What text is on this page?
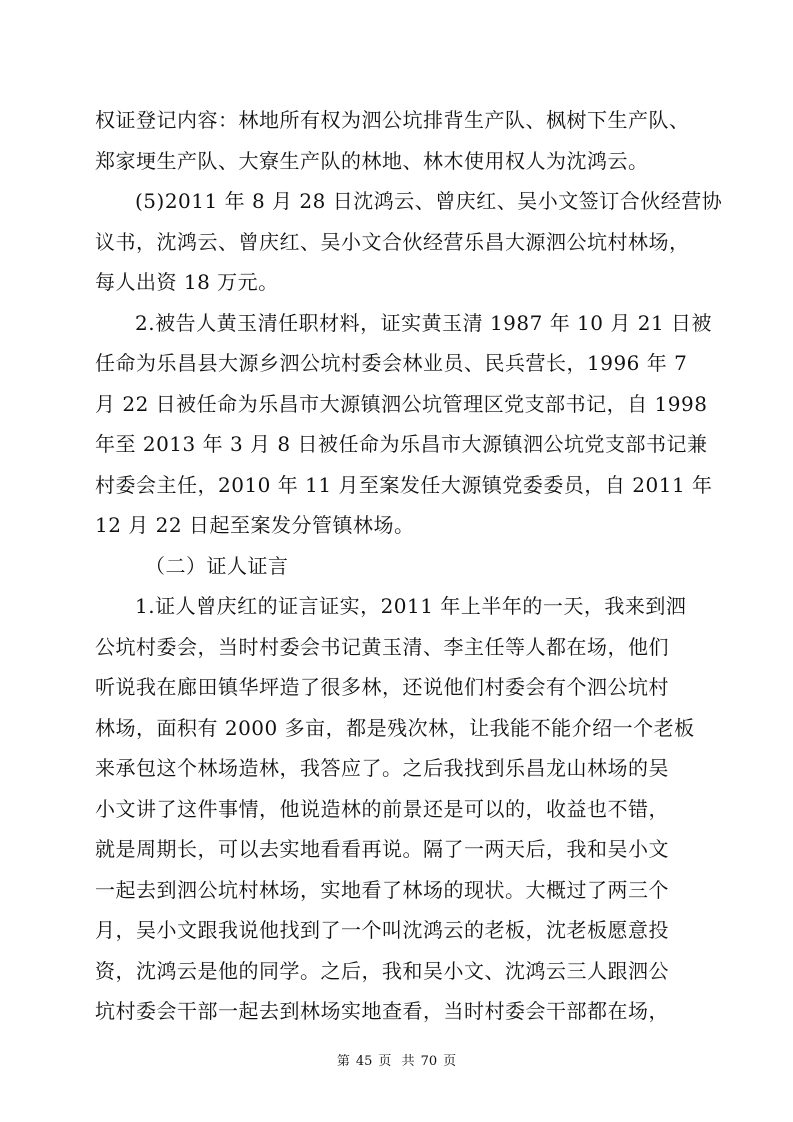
权证登记内容：林地所有权为泗公坑排背生产队、枫树下生产队、
郑家埂生产队、大寮生产队的林地、林木使用权人为沈鸿云。
(5)2011 年 8 月 28 日沈鸿云、曾庆红、吴小文签订合伙经营协
议书，沈鸿云、曾庆红、吴小文合伙经营乐昌大源泗公坑村林场，
每人出资 18 万元。
2.被告人黄玉清任职材料，证实黄玉清 1987 年 10 月 21 日被
任命为乐昌县大源乡泗公坑村委会林业员、民兵营长，1996 年 7
月 22 日被任命为乐昌市大源镇泗公坑管理区党支部书记，自 1998
年至 2013 年 3 月 8 日被任命为乐昌市大源镇泗公坑党支部书记兼
村委会主任，2010 年 11 月至案发任大源镇党委委员，自 2011 年
12 月 22 日起至案发分管镇林场。
（二）证人证言
1.证人曾庆红的证言证实，2011 年上半年的一天，我来到泗
公坑村委会，当时村委会书记黄玉清、李主任等人都在场，他们
听说我在廊田镇华坪造了很多林，还说他们村委会有个泗公坑村
林场，面积有 2000 多亩，都是残次林，让我能不能介绍一个老板
来承包这个林场造林，我答应了。之后我找到乐昌龙山林场的吴
小文讲了这件事情，他说造林的前景还是可以的，收益也不错，
就是周期长，可以去实地看看再说。隔了一两天后，我和吴小文
一起去到泗公坑村林场，实地看了林场的现状。大概过了两三个
月，吴小文跟我说他找到了一个叫沈鸿云的老板，沈老板愿意投
资，沈鸿云是他的同学。之后，我和吴小文、沈鸿云三人跟泗公
坑村委会干部一起去到林场实地查看，当时村委会干部都在场，
第 45 页 共 70 页
